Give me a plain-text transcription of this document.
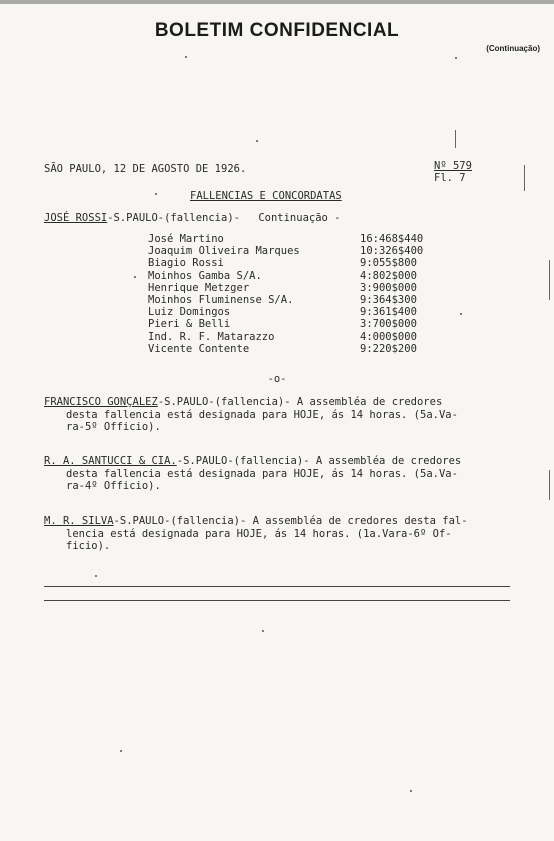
BOLETIM CONFIDENCIAL
(Continuação)
SÃO PAULO, 12 DE AGOSTO DE 1926.	Nº 579
Fl. 7
FALLENCIAS E CONCORDATAS
JOSÉ ROSSI-S.PAULO-(fallencia)- Continuação -
José Martino	16:468$440
Joaquim Oliveira Marques	10:326$400
Biagio Rossi	9:055$800
Moinhos Gamba S/A.	4:802$000
Henrique Metzger	3:900$000
Moinhos Fluminense S/A.	9:364$300
Luiz Domingos	9:361$400
Pieri & Belli	3:700$000
Ind. R. F. Matarazzo	4:000$000
Vicente Contente	9:220$200
-o-
FRANCISCO GONÇALEZ-S.PAULO-(fallencia)- A assembléa de credores
desta fallencia está designada para HOJE, ás 14 horas. (5a.Va-
ra-5º Officio).
R. A. SANTUCCI & CIA.-S.PAULO-(fallencia)- A assembléa de credores
desta fallencia está designada para HOJE, ás 14 horas. (5a.Va-
ra-4º Officio).
M. R. SILVA-S.PAULO-(fallencia)- A assembléa de credores desta fal-
lencia está designada para HOJE, ás 14 horas. (1a.Vara-6º Of-
ficio).
